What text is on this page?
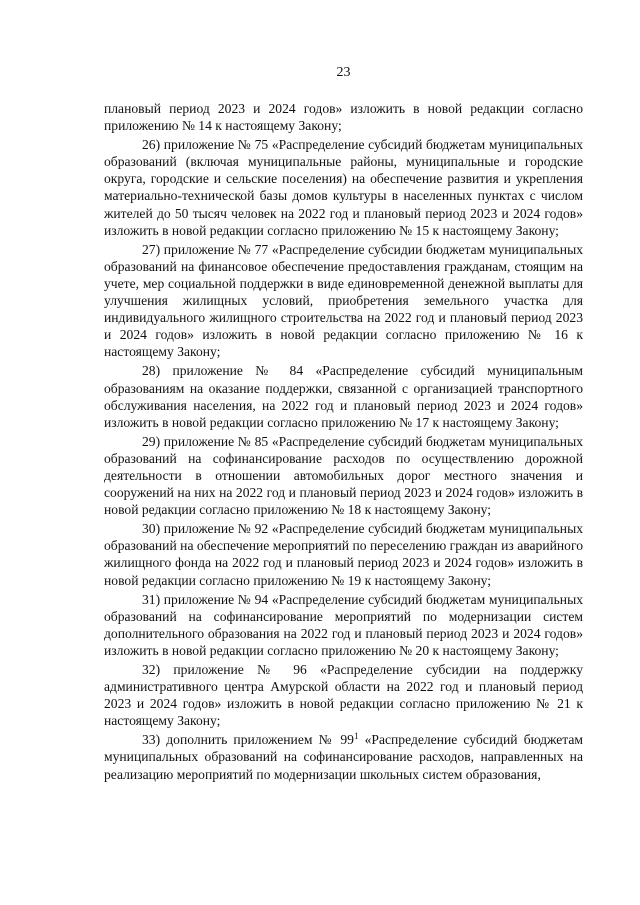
23

плановый период 2023 и 2024 годов» изложить в новой редакции согласно приложению № 14 к настоящему Закону;

26) приложение № 75 «Распределение субсидий бюджетам муниципальных образований (включая муниципальные районы, муниципальные и городские округа, городские и сельские поселения) на обеспечение развития и укрепления материально-технической базы домов культуры в населенных пунктах с числом жителей до 50 тысяч человек на 2022 год и плановый период 2023 и 2024 годов» изложить в новой редакции согласно приложению № 15 к настоящему Закону;

27) приложение № 77 «Распределение субсидии бюджетам муниципальных образований на финансовое обеспечение предоставления гражданам, стоящим на учете, мер социальной поддержки в виде единовременной денежной выплаты для улучшения жилищных условий, приобретения земельного участка для индивидуального жилищного строительства на 2022 год и плановый период 2023 и 2024 годов» изложить в новой редакции согласно приложению № 16 к настоящему Закону;

28) приложение № 84 «Распределение субсидий муниципальным образованиям на оказание поддержки, связанной с организацией транспортного обслуживания населения, на 2022 год и плановый период 2023 и 2024 годов» изложить в новой редакции согласно приложению № 17 к настоящему Закону;

29) приложение № 85 «Распределение субсидий бюджетам муниципальных образований на софинансирование расходов по осуществлению дорожной деятельности в отношении автомобильных дорог местного значения и сооружений на них на 2022 год и плановый период 2023 и 2024 годов» изложить в новой редакции согласно приложению № 18 к настоящему Закону;

30) приложение № 92 «Распределение субсидий бюджетам муниципальных образований на обеспечение мероприятий по переселению граждан из аварийного жилищного фонда на 2022 год и плановый период 2023 и 2024 годов» изложить в новой редакции согласно приложению № 19 к настоящему Закону;

31) приложение № 94 «Распределение субсидий бюджетам муниципальных образований на софинансирование мероприятий по модернизации систем дополнительного образования на 2022 год и плановый период 2023 и 2024 годов» изложить в новой редакции согласно приложению № 20 к настоящему Закону;

32) приложение № 96 «Распределение субсидии на поддержку административного центра Амурской области на 2022 год и плановый период 2023 и 2024 годов» изложить в новой редакции согласно приложению № 21 к настоящему Закону;

33) дополнить приложением № $99^1$ «Распределение субсидий бюджетам муниципальных образований на софинансирование расходов, направленных на реализацию мероприятий по модернизации школьных систем образования,
